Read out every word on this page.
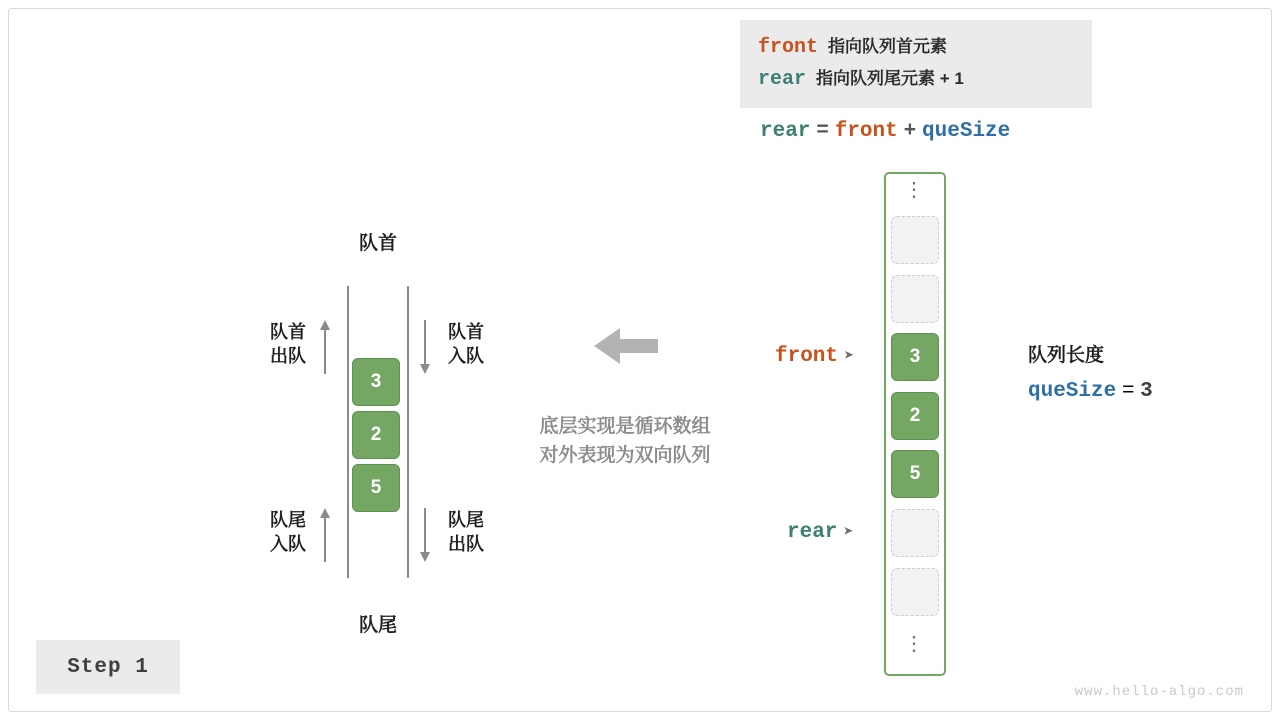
front 指向队列首元素
rear 指向队列尾元素 + 1
rear = front + queSize
队首
队尾
3
2
5
队首
出队
队尾
入队
队首
入队
队尾
出队
底层实现是循环数组
对外表现为双向队列
⋮
⋮
3
2
5
front ➤
rear ➤
队列长度
queSize = 3
Step 1
www.hello-algo.com
